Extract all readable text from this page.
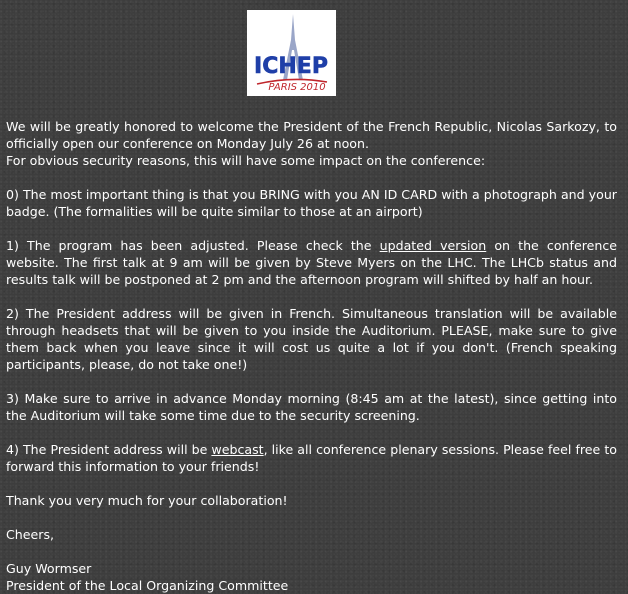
ICHEP
PARIS 2010

We will be greatly honored to welcome the President of the French Republic, Nicolas Sarkozy, to officially open our conference on Monday July 26 at noon.
For obvious security reasons, this will have some impact on the conference:

0) The most important thing is that you BRING with you AN ID CARD with a photograph and your badge. (The formalities will be quite similar to those at an airport)

1) The program has been adjusted. Please check the updated version on the conference website. The first talk at 9 am will be given by Steve Myers on the LHC. The LHCb status and results talk will be postponed at 2 pm and the afternoon program will shifted by half an hour.

2) The President address will be given in French. Simultaneous translation will be available through headsets that will be given to you inside the Auditorium. PLEASE, make sure to give them back when you leave since it will cost us quite a lot if you don't. (French speaking participants, please, do not take one!)

3) Make sure to arrive in advance Monday morning (8:45 am at the latest), since getting into the Auditorium will take some time due to the security screening.

4) The President address will be webcast, like all conference plenary sessions. Please feel free to forward this information to your friends!

Thank you very much for your collaboration!

Cheers,

Guy Wormser
President of the Local Organizing Committee
